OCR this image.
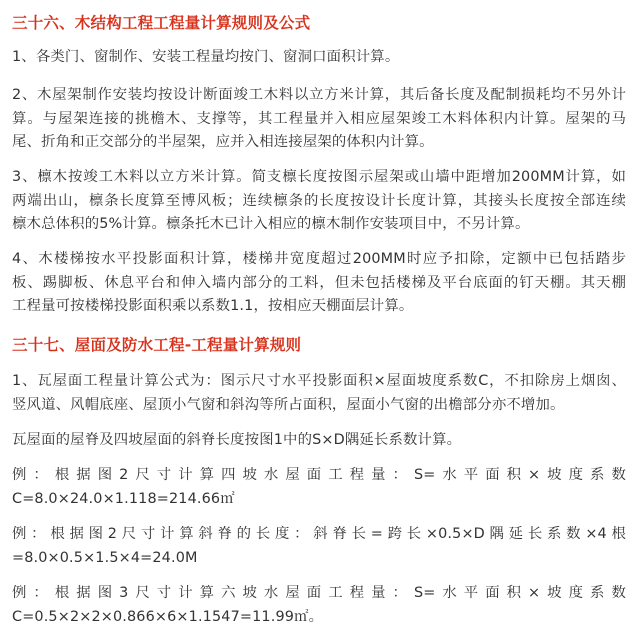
三十六、木结构工程工程量计算规则及公式

1、各类门、窗制作、安装工程量均按门、窗洞口面积计算。

2、木屋架制作安装均按设计断面竣工木料以立方米计算，其后备长度及配制损耗均不另外计
算。与屋架连接的挑檐木、支撑等，其工程量并入相应屋架竣工木料体积内计算。屋架的马
尾、折角和正交部分的半屋架，应并入相连接屋架的体积内计算。

3、檩木按竣工木料以立方米计算。简支檩长度按图示屋架或山墙中距增加200MM计算，如
两端出山，檩条长度算至博风板；连续檩条的长度按设计长度计算，其接头长度按全部连续
檩木总体积的5%计算。檩条托木已计入相应的檩木制作安装项目中，不另计算。

4、木楼梯按水平投影面积计算，楼梯井宽度超过200MM时应予扣除，定额中已包括踏步
板、踢脚板、休息平台和伸入墙内部分的工料，但未包括楼梯及平台底面的钉天棚。其天棚
工程量可按楼梯投影面积乘以系数1.1，按相应天棚面层计算。

三十七、屋面及防水工程-工程量计算规则

1、瓦屋面工程量计算公式为：图示尺寸水平投影面积×屋面坡度系数C，不扣除房上烟囱、
竖风道、风帽底座、屋顶小气窗和斜沟等所占面积，屋面小气窗的出檐部分亦不增加。

瓦屋面的屋脊及四坡屋面的斜脊长度按图1中的S×D隅延长系数计算。

例：根据图2尺寸计算四坡水屋面工程量：S=水平面积×坡度系数
C=8.0×24.0×1.118=214.66㎡

例：根据图2尺寸计算斜脊的长度：斜脊长=跨长×0.5×D隅延长系数×4根
=8.0×0.5×1.5×4=24.0M

例：根据图3尺寸计算六坡水屋面工程量：S=水平面积×坡度系数
C=0.5×2×2×0.866×6×1.1547=11.99㎡。
